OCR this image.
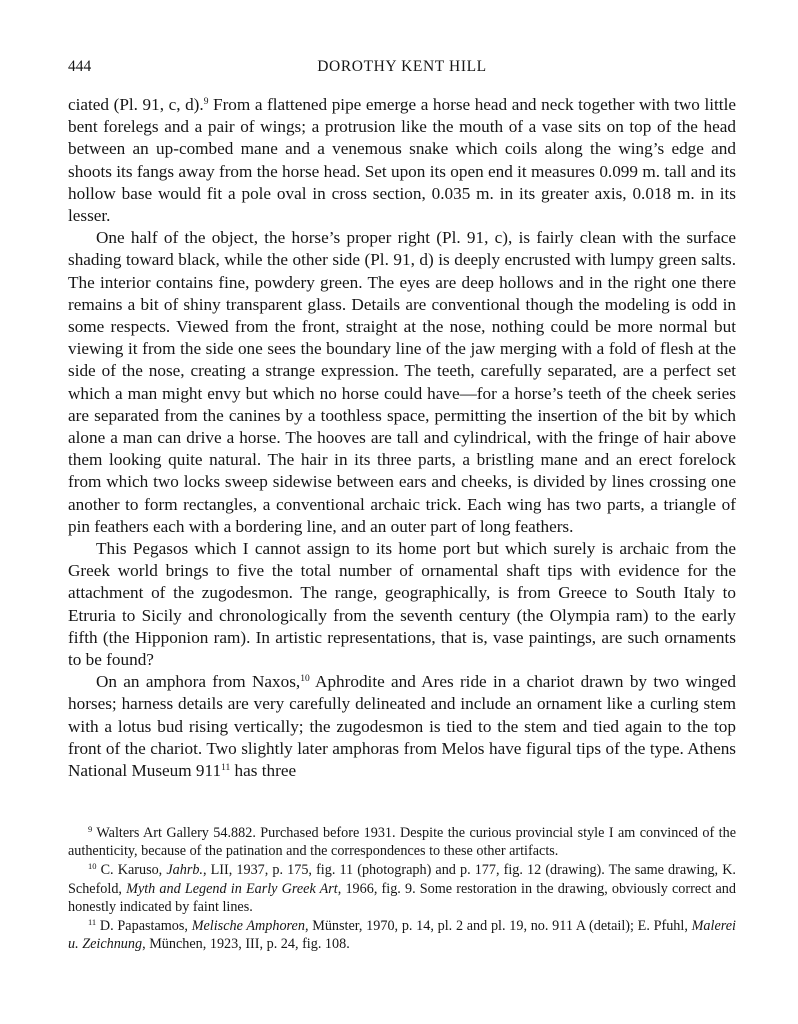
444	DOROTHY KENT HILL

ciated (Pl. 91, c, d).$^9$ From a flattened pipe emerge a horse head and neck together with two little bent forelegs and a pair of wings; a protrusion like the mouth of a vase sits on top of the head between an up-combed mane and a venemous snake which coils along the wing’s edge and shoots its fangs away from the horse head. Set upon its open end it measures 0.099 m. tall and its hollow base would fit a pole oval in cross section, 0.035 m. in its greater axis, 0.018 m. in its lesser.

One half of the object, the horse’s proper right (Pl. 91, c), is fairly clean with the surface shading toward black, while the other side (Pl. 91, d) is deeply encrusted with lumpy green salts. The interior contains fine, powdery green. The eyes are deep hollows and in the right one there remains a bit of shiny transparent glass. Details are conventional though the modeling is odd in some respects. Viewed from the front, straight at the nose, nothing could be more normal but viewing it from the side one sees the boundary line of the jaw merging with a fold of flesh at the side of the nose, creating a strange expression. The teeth, carefully separated, are a perfect set which a man might envy but which no horse could have—for a horse’s teeth of the cheek series are separated from the canines by a toothless space, permitting the insertion of the bit by which alone a man can drive a horse. The hooves are tall and cylindrical, with the fringe of hair above them looking quite natural. The hair in its three parts, a bristling mane and an erect forelock from which two locks sweep sidewise between ears and cheeks, is divided by lines crossing one another to form rectangles, a conventional archaic trick. Each wing has two parts, a triangle of pin feathers each with a bordering line, and an outer part of long feathers.

This Pegasos which I cannot assign to its home port but which surely is archaic from the Greek world brings to five the total number of ornamental shaft tips with evidence for the attachment of the zugodesmon. The range, geographically, is from Greece to South Italy to Etruria to Sicily and chronologically from the seventh century (the Olympia ram) to the early fifth (the Hipponion ram). In artistic representations, that is, vase paintings, are such ornaments to be found?

On an amphora from Naxos,$^{10}$ Aphrodite and Ares ride in a chariot drawn by two winged horses; harness details are very carefully delineated and include an ornament like a curling stem with a lotus bud rising vertically; the zugodesmon is tied to the stem and tied again to the top front of the chariot. Two slightly later amphoras from Melos have figural tips of the type. Athens National Museum $911^{11}$ has three

$^9$ Walters Art Gallery 54.882. Purchased before 1931. Despite the curious provincial style I am convinced of the authenticity, because of the patination and the correspondences to these other artifacts.

$^{10}$ C. Karuso, Jahrb., LII, 1937, p. 175, fig. 11 (photograph) and p. 177, fig. 12 (drawing). The same drawing, K. Schefold, Myth and Legend in Early Greek Art, 1966, fig. 9. Some restoration in the drawing, obviously correct and honestly indicated by faint lines.

$^{11}$ D. Papastamos, Melische Amphoren, Münster, 1970, p. 14, pl. 2 and pl. 19, no. 911 A (detail); E. Pfuhl, Malerei u. Zeichnung, München, 1923, III, p. 24, fig. 108.
